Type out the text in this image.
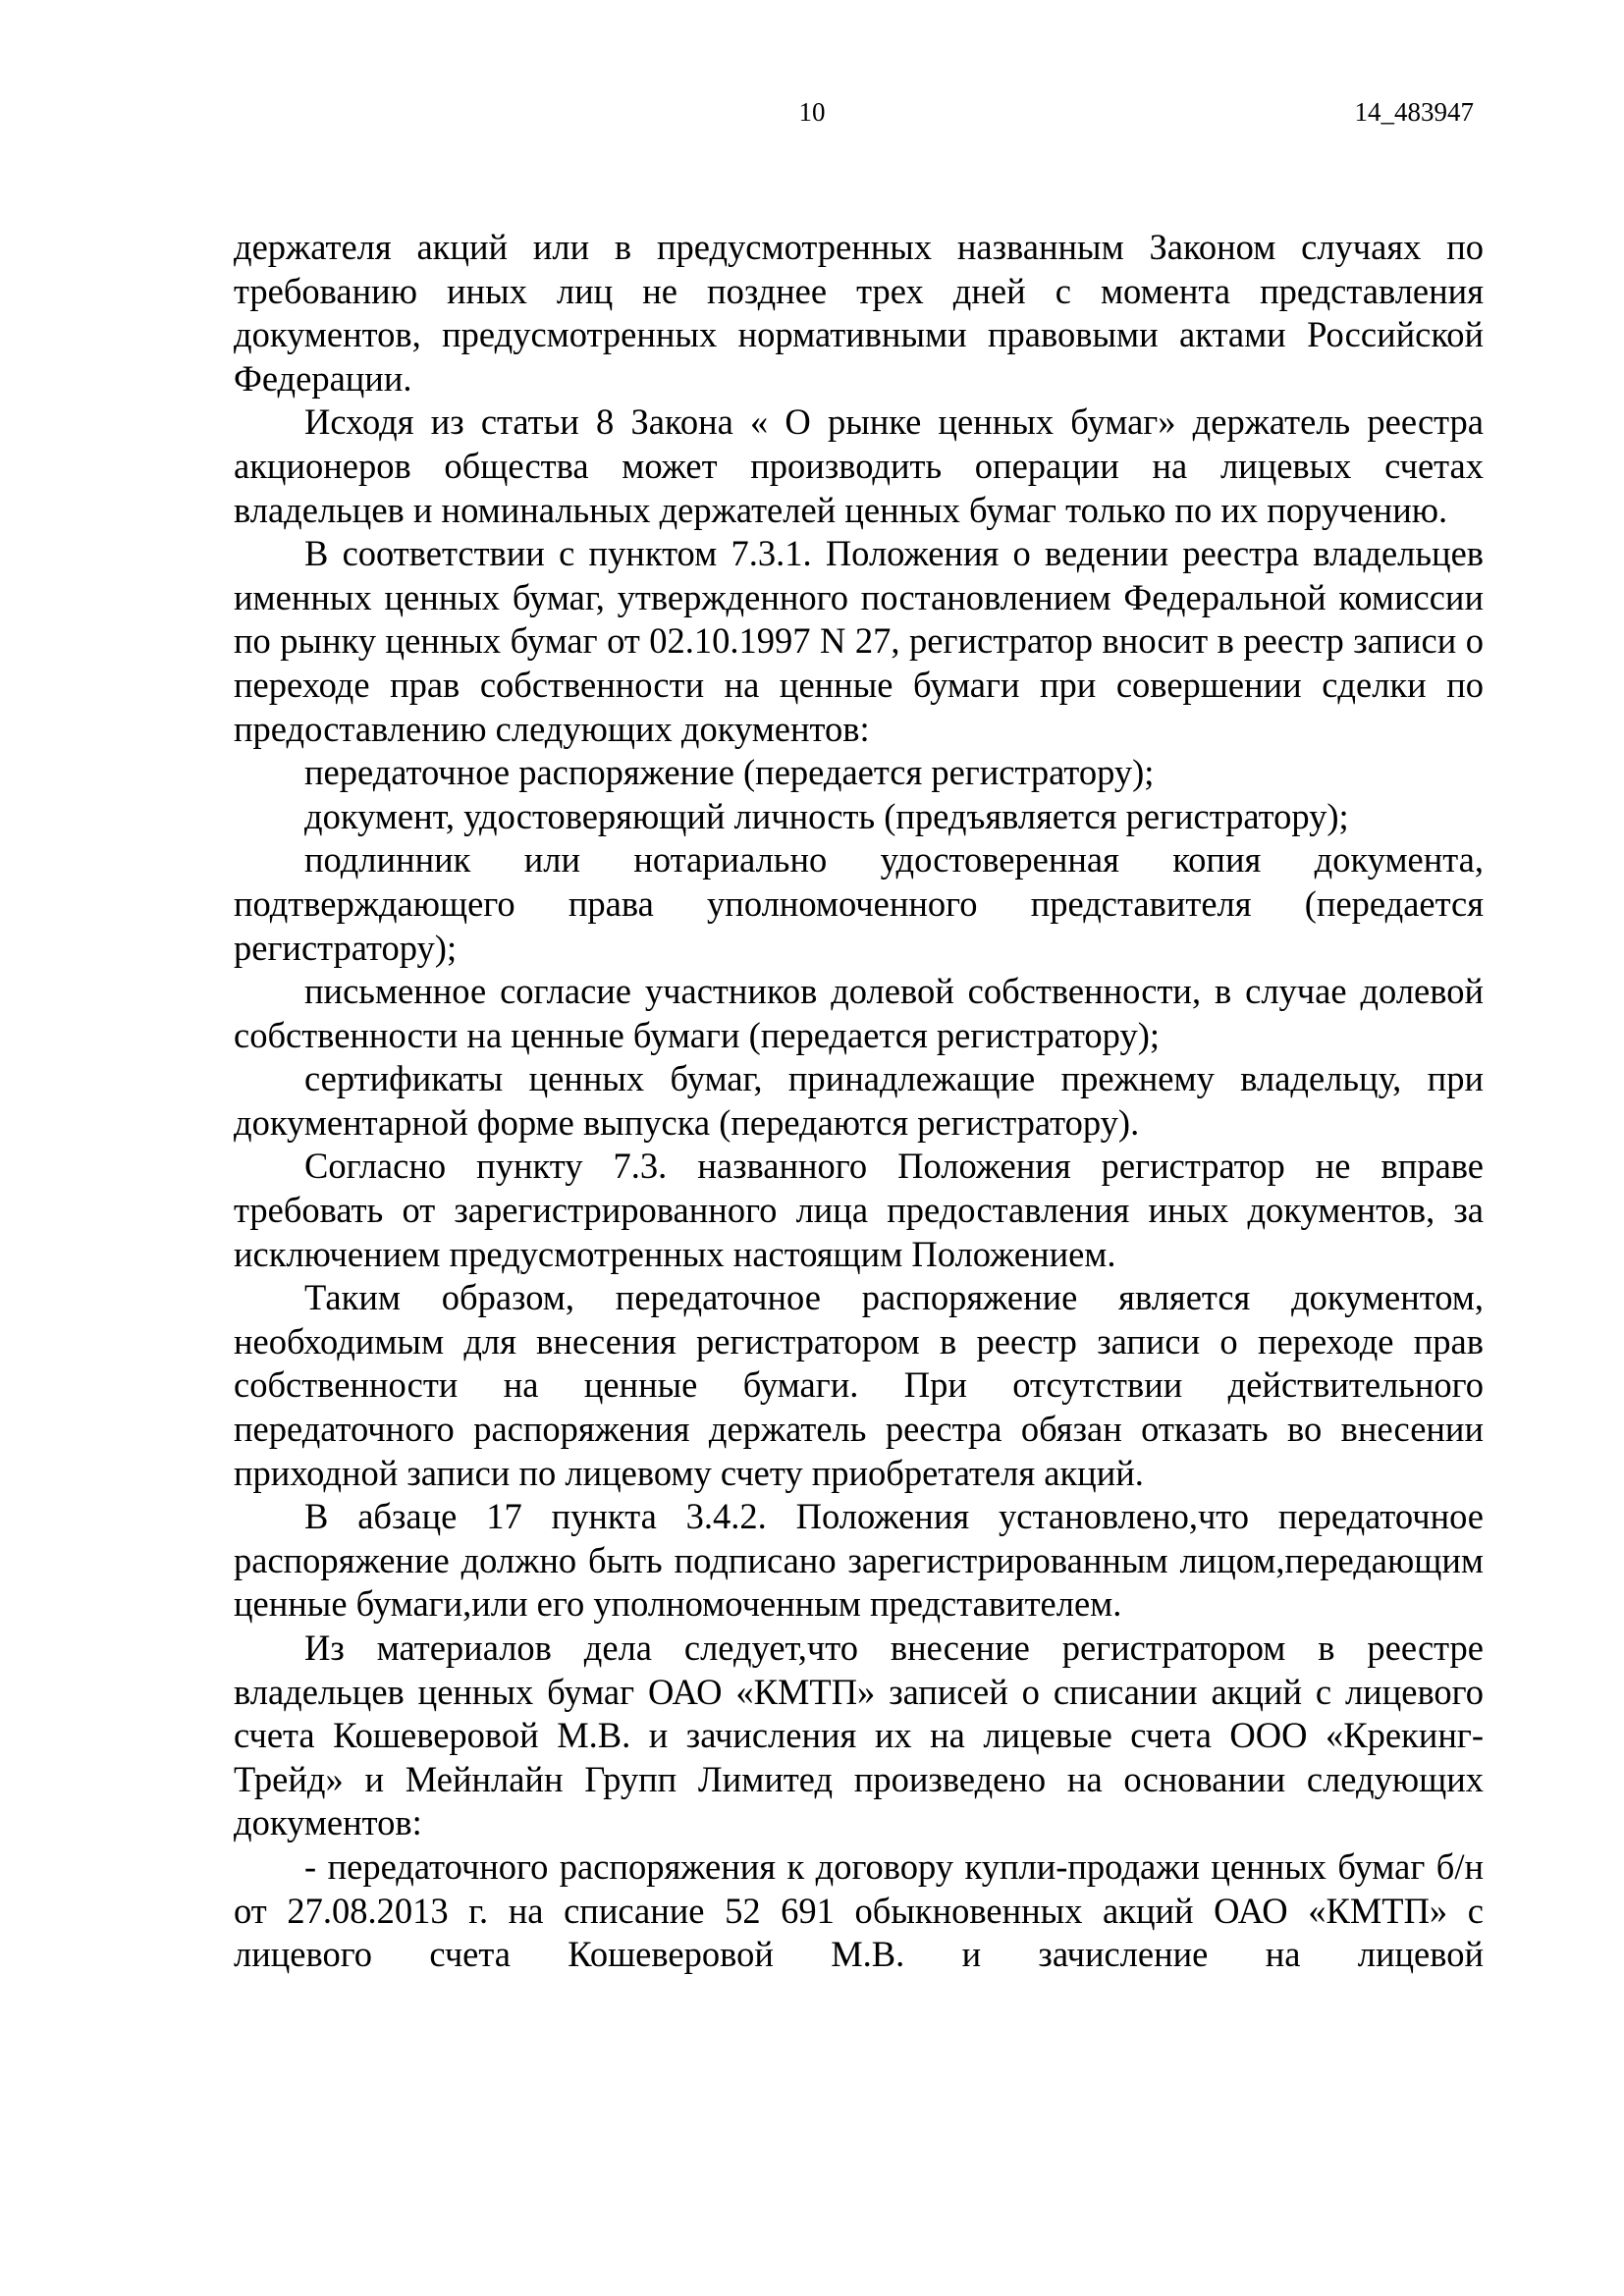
10	14_483947

держателя акций или в предусмотренных названным Законом случаях по требованию иных лиц не позднее трех дней с момента представления документов, предусмотренных нормативными правовыми актами Российской Федерации.

Исходя из статьи 8 Закона « О рынке ценных бумаг» держатель реестра акционеров общества может производить операции на лицевых счетах владельцев и номинальных держателей ценных бумаг только по их поручению.

В соответствии с пунктом 7.3.1. Положения о ведении реестра владельцев именных ценных бумаг, утвержденного постановлением Федеральной комиссии по рынку ценных бумаг от 02.10.1997 N 27, регистратор вносит в реестр записи о переходе прав собственности на ценные бумаги при совершении сделки по предоставлению следующих документов:

передаточное распоряжение (передается регистратору);

документ, удостоверяющий личность (предъявляется регистратору);

подлинник или нотариально удостоверенная копия документа, подтверждающего права уполномоченного представителя (передается регистратору);

письменное согласие участников долевой собственности, в случае долевой собственности на ценные бумаги (передается регистратору);

сертификаты ценных бумаг, принадлежащие прежнему владельцу, при документарной форме выпуска (передаются регистратору).

Согласно пункту 7.3. названного Положения регистратор не вправе требовать от зарегистрированного лица предоставления иных документов, за исключением предусмотренных настоящим Положением.

Таким образом, передаточное распоряжение является документом, необходимым для внесения регистратором в реестр записи о переходе прав собственности на ценные бумаги. При отсутствии действительного передаточного распоряжения держатель реестра обязан отказать во внесении приходной записи по лицевому счету приобретателя акций.

В абзаце 17 пункта 3.4.2. Положения установлено,что передаточное распоряжение должно быть подписано зарегистрированным лицом,передающим ценные бумаги,или его уполномоченным представителем.

Из материалов дела следует,что внесение регистратором в реестре владельцев ценных бумаг ОАО «КМТП» записей о списании акций с лицевого счета Кошеверовой М.В. и зачисления их на лицевые счета ООО «Крекинг-Трейд» и Мейнлайн Групп Лимитед произведено на основании следующих документов:

- передаточного распоряжения к договору купли-продажи ценных бумаг б/н от 27.08.2013 г. на списание 52 691 обыкновенных акций ОАО «КМТП» с лицевого счета Кошеверовой М.В. и зачисление на лицевой
